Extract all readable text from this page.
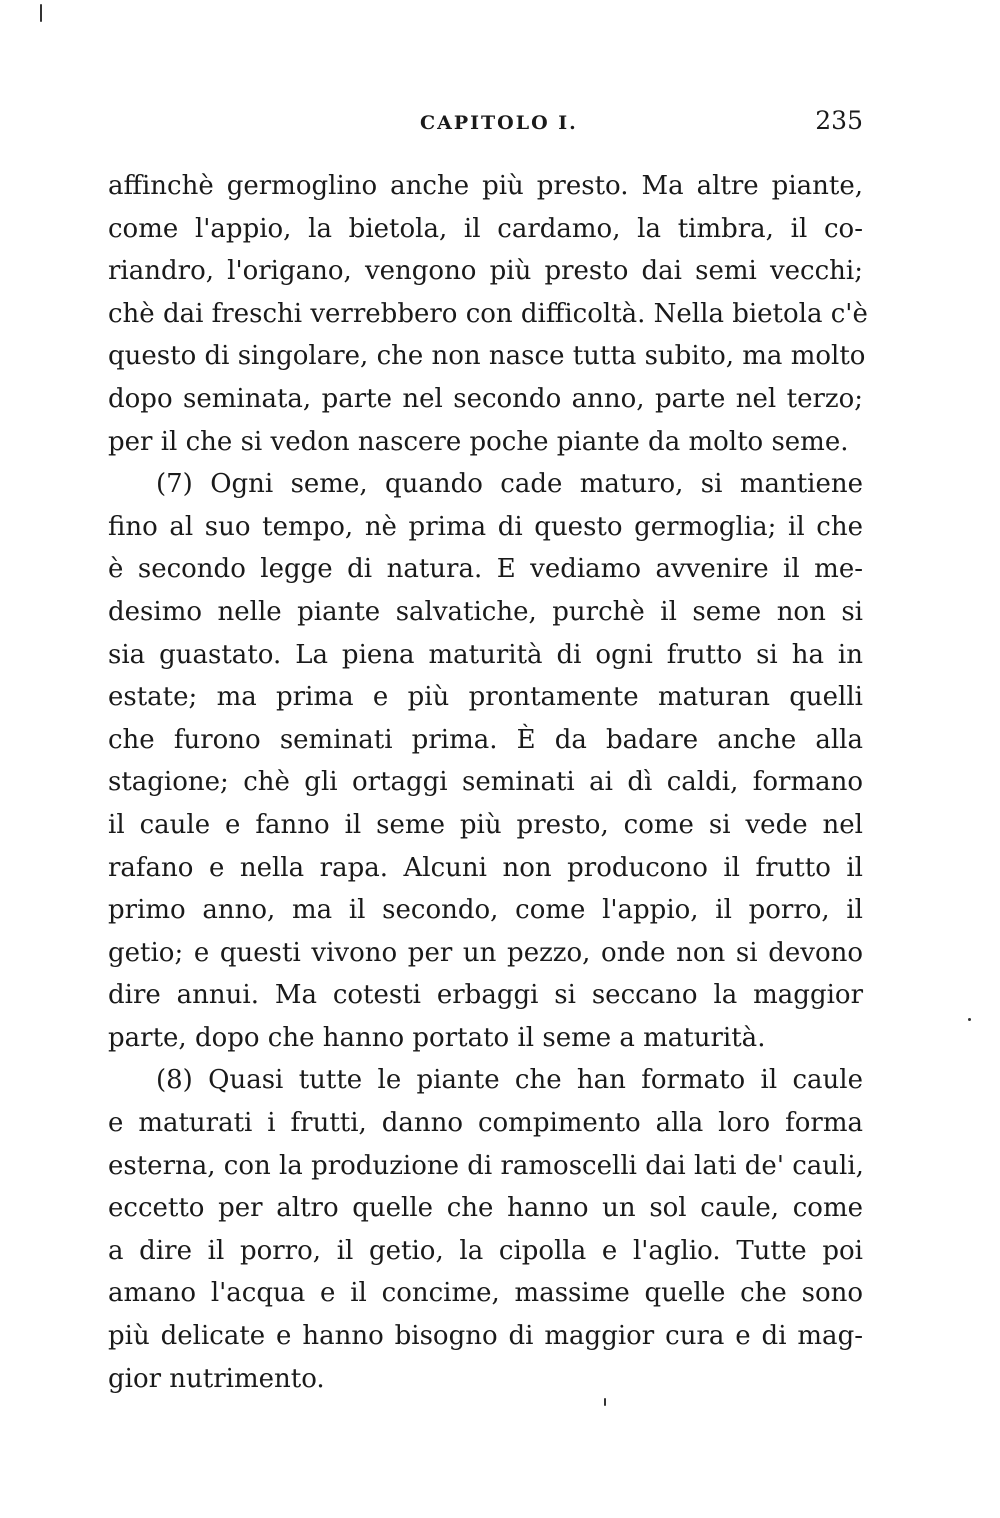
CAPITOLO I.	235
affinchè germoglino anche più presto. Ma altre piante,
come l'appio, la bietola, il cardamo, la timbra, il co-
riandro, l'origano, vengono più presto dai semi vecchi;
chè dai freschi verrebbero con difficoltà. Nella bietola c'è
questo di singolare, che non nasce tutta subito, ma molto
dopo seminata, parte nel secondo anno, parte nel terzo;
per il che si vedon nascere poche piante da molto seme.
(7) Ogni seme, quando cade maturo, si mantiene
fino al suo tempo, nè prima di questo germoglia; il che
è secondo legge di natura. E vediamo avvenire il me-
desimo nelle piante salvatiche, purchè il seme non si
sia guastato. La piena maturità di ogni frutto si ha in
estate; ma prima e più prontamente maturan quelli
che furono seminati prima. È da badare anche alla
stagione; chè gli ortaggi seminati ai dì caldi, formano
il caule e fanno il seme più presto, come si vede nel
rafano e nella rapa. Alcuni non producono il frutto il
primo anno, ma il secondo, come l'appio, il porro, il
getio; e questi vivono per un pezzo, onde non si devono
dire annui. Ma cotesti erbaggi si seccano la maggior
parte, dopo che hanno portato il seme a maturità.
(8) Quasi tutte le piante che han formato il caule
e maturati i frutti, danno compimento alla loro forma
esterna, con la produzione di ramoscelli dai lati de' cauli,
eccetto per altro quelle che hanno un sol caule, come
a dire il porro, il getio, la cipolla e l'aglio. Tutte poi
amano l'acqua e il concime, massime quelle che sono
più delicate e hanno bisogno di maggior cura e di mag-
gior nutrimento.
